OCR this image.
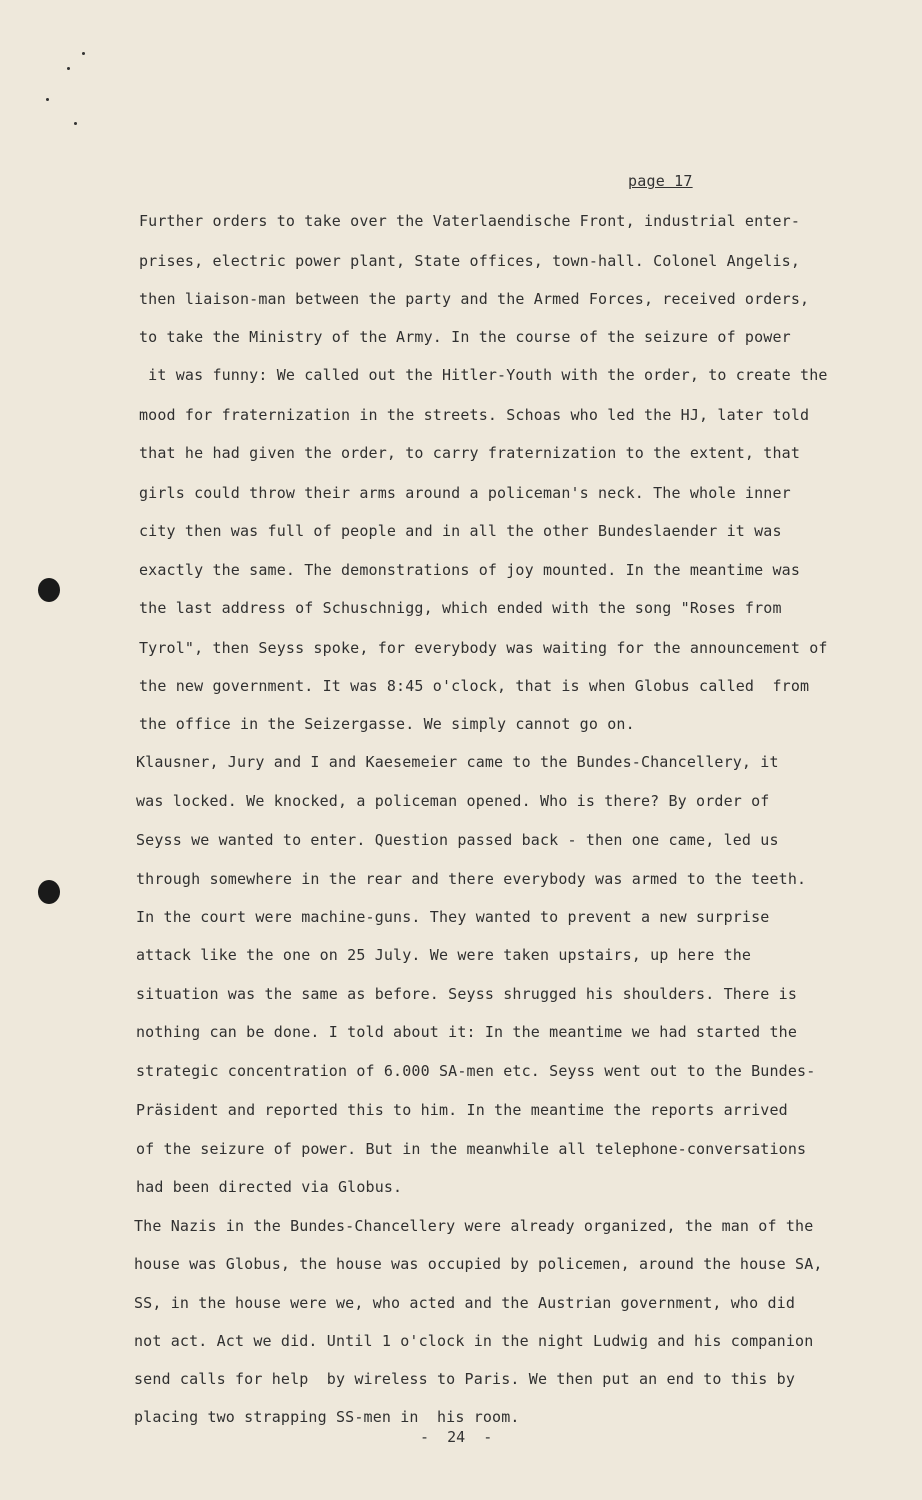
page 17
Further orders to take over the Vaterlaendische Front, industrial enter-
prises, electric power plant, State offices, town-hall. Colonel Angelis,
then liaison-man between the party and the Armed Forces, received orders,
to take the Ministry of the Army. In the course of the seizure of power
it was funny: We called out the Hitler-Youth with the order, to create the
mood for fraternization in the streets. Schoas who led the HJ, later told
that he had given the order, to carry fraternization to the extent, that
girls could throw their arms around a policeman's neck. The whole inner
city then was full of people and in all the other Bundeslaender it was
exactly the same. The demonstrations of joy mounted. In the meantime was
the last address of Schuschnigg, which ended with the song "Roses from
Tyrol", then Seyss spoke, for everybody was waiting for the announcement of
the new government. It was 8:45 o'clock, that is when Globus called  from
the office in the Seizergasse. We simply cannot go on.
Klausner, Jury and I and Kaesemeier came to the Bundes-Chancellery, it
was locked. We knocked, a policeman opened. Who is there? By order of
Seyss we wanted to enter. Question passed back - then one came, led us
through somewhere in the rear and there everybody was armed to the teeth.
In the court were machine-guns. They wanted to prevent a new surprise
attack like the one on 25 July. We were taken upstairs, up here the
situation was the same as before. Seyss shrugged his shoulders. There is
nothing can be done. I told about it: In the meantime we had started the
strategic concentration of 6.000 SA-men etc. Seyss went out to the Bundes-
Präsident and reported this to him. In the meantime the reports arrived
of the seizure of power. But in the meanwhile all telephone-conversations
had been directed via Globus.
The Nazis in the Bundes-Chancellery were already organized, the man of the
house was Globus, the house was occupied by policemen, around the house SA,
SS, in the house were we, who acted and the Austrian government, who did
not act. Act we did. Until 1 o'clock in the night Ludwig and his companion
send calls for help  by wireless to Paris. We then put an end to this by
placing two strapping SS-men in  his room.
-  24  -
